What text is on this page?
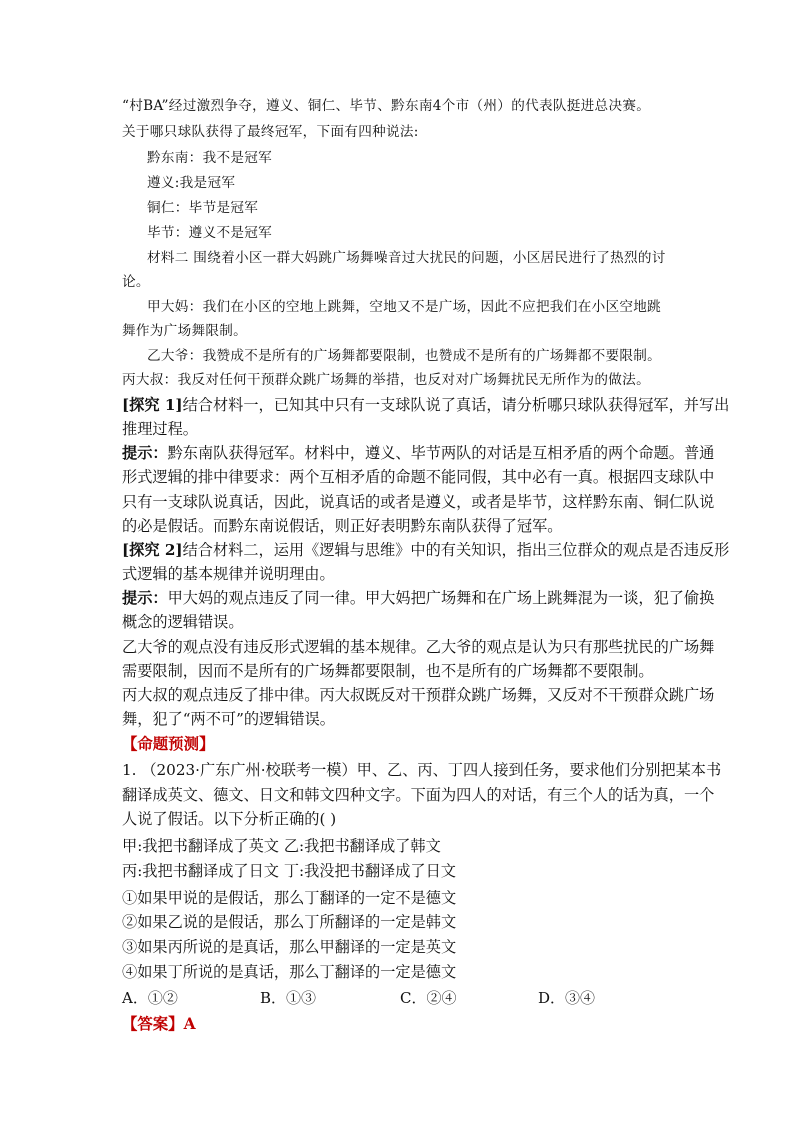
“村BA”经过激烈争夺，遵义、铜仁、毕节、黔东南4个市（州）的代表队挺进总决赛。
关于哪只球队获得了最终冠军，下面有四种说法:
黔东南：我不是冠军
遵义:我是冠军
铜仁：毕节是冠军
毕节：遵义不是冠军
材料二 围绕着小区一群大妈跳广场舞噪音过大扰民的问题，小区居民进行了热烈的讨
论。
甲大妈：我们在小区的空地上跳舞，空地又不是广场，因此不应把我们在小区空地跳
舞作为广场舞限制。
乙大爷：我赞成不是所有的广场舞都要限制，也赞成不是所有的广场舞都不要限制。
丙大叔：我反对任何干预群众跳广场舞的举措，也反对对广场舞扰民无所作为的做法。
[探究 1]结合材料一，已知其中只有一支球队说了真话，请分析哪只球队获得冠军，并写出
推理过程。
提示：黔东南队获得冠军。材料中，遵义、毕节两队的对话是互相矛盾的两个命题。普通
形式逻辑的排中律要求：两个互相矛盾的命题不能同假，其中必有一真。根据四支球队中
只有一支球队说真话，因此，说真话的或者是遵义，或者是毕节，这样黔东南、铜仁队说
的必是假话。而黔东南说假话，则正好表明黔东南队获得了冠军。
[探究 2]结合材料二，运用《逻辑与思维》中的有关知识，指出三位群众的观点是否违反形
式逻辑的基本规律并说明理由。
提示：甲大妈的观点违反了同一律。甲大妈把广场舞和在广场上跳舞混为一谈，犯了偷换
概念的逻辑错误。
乙大爷的观点没有违反形式逻辑的基本规律。乙大爷的观点是认为只有那些扰民的广场舞
需要限制，因而不是所有的广场舞都要限制，也不是所有的广场舞都不要限制。
丙大叔的观点违反了排中律。丙大叔既反对干预群众跳广场舞，又反对不干预群众跳广场
舞，犯了“两不可”的逻辑错误。
【命题预测】
1. （2023·广东广州·校联考一模）甲、乙、丙、丁四人接到任务，要求他们分别把某本书
翻译成英文、德文、日文和韩文四种文字。下面为四人的对话，有三个人的话为真，一个
人说了假话。以下分析正确的( )
甲:我把书翻译成了英文 乙:我把书翻译成了韩文
丙:我把书翻译成了日文 丁:我没把书翻译成了日文
①如果甲说的是假话，那么丁翻译的一定不是德文
②如果乙说的是假话，那么丁所翻译的一定是韩文
③如果丙所说的是真话，那么甲翻译的一定是英文
④如果丁所说的是真话，那么丁翻译的一定是德文
A．①②	B．①③	C．②④	D．③④
【答案】A
